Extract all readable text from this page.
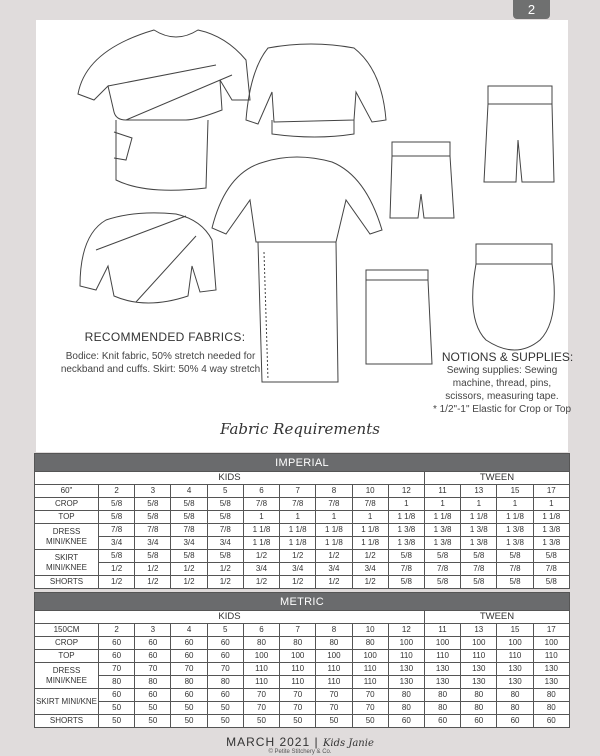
2
RECOMMENDED FABRICS:
Bodice: Knit fabric, 50% stretch needed for neckband and cuffs. Skirt: 50% 4 way stretch
NOTIONS & SUPPLIES:
Sewing supplies: Sewing machine, thread, pins, scissors, measuring tape.
* 1/2"-1" Elastic for Crop or Top
Fabric Requirements
IMPERIAL													
KIDS										TWEEN			
60"	2	3	4	5	6	7	8	10	12	11	13	15	17
CROP	5/8	5/8	5/8	5/8	7/8	7/8	7/8	7/8	1	1	1	1	1
TOP	5/8	5/8	5/8	5/8	1	1	1	1	1 1/8	1 1/8	1 1/8	1 1/8	1 1/8
DRESS MINI/KNEE	7/8	7/8	7/8	7/8	1 1/8	1 1/8	1 1/8	1 1/8	1 3/8	1 3/8	1 3/8	1 3/8	1 3/8
	3/4	3/4	3/4	3/4	1 1/8	1 1/8	1 1/8	1 1/8	1 3/8	1 3/8	1 3/8	1 3/8	1 3/8
SKIRT MINI/KNEE	5/8	5/8	5/8	5/8	1/2	1/2	1/2	1/2	5/8	5/8	5/8	5/8	5/8
	1/2	1/2	1/2	1/2	3/4	3/4	3/4	3/4	7/8	7/8	7/8	7/8	7/8
SHORTS	1/2	1/2	1/2	1/2	1/2	1/2	1/2	1/2	5/8	5/8	5/8	5/8	5/8
METRIC													
KIDS										TWEEN			
150CM	2	3	4	5	6	7	8	10	12	11	13	15	17
CROP	60	60	60	60	80	80	80	80	100	100	100	100	100
TOP	60	60	60	60	100	100	100	100	110	110	110	110	110
DRESS MINI/KNEE	70	70	70	70	110	110	110	110	130	130	130	130	130
	80	80	80	80	110	110	110	110	130	130	130	130	130
SKIRT MINI/KNE	60	60	60	60	70	70	70	70	80	80	80	80	80
	50	50	50	50	70	70	70	70	80	80	80	80	80
SHORTS	50	50	50	50	50	50	50	50	60	60	60	60	60
MARCH 2021 | Kids Janie
© Petite Stitchery & Co.
